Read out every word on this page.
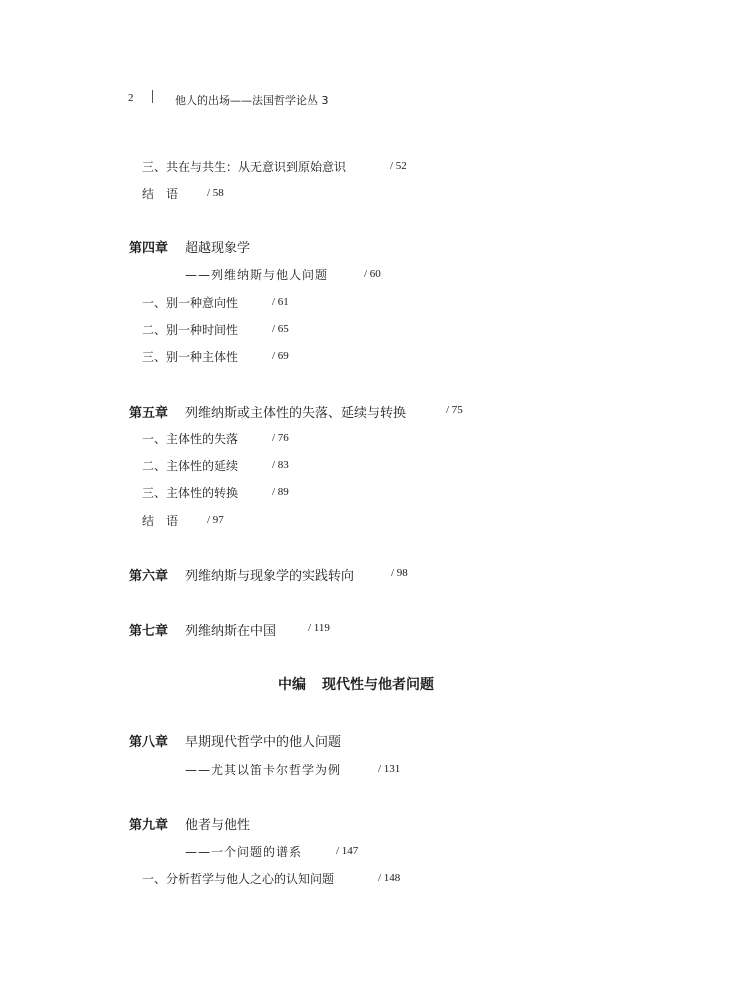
2	他人的出场——法国哲学论丛 3
三、共在与共生：从无意识到原始意识	/ 52
结　语	/ 58
第四章 超越现象学
——列维纳斯与他人问题	/ 60
一、别一种意向性	/ 61
二、别一种时间性	/ 65
三、别一种主体性	/ 69
第五章 列维纳斯或主体性的失落、延续与转换	/ 75
一、主体性的失落	/ 76
二、主体性的延续	/ 83
三、主体性的转换	/ 89
结　语	/ 97
第六章 列维纳斯与现象学的实践转向	/ 98
第七章 列维纳斯在中国	/ 119
中编 现代性与他者问题
第八章 早期现代哲学中的他人问题
——尤其以笛卡尔哲学为例	/ 131
第九章 他者与他性
——一个问题的谱系	/ 147
一、分析哲学与他人之心的认知问题	/ 148
